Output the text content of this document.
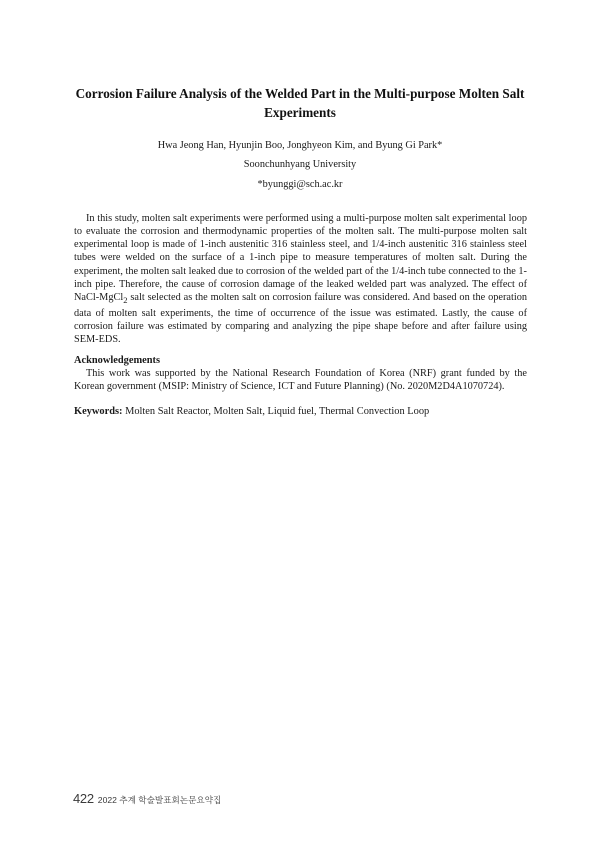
Corrosion Failure Analysis of the Welded Part in the Multi-purpose Molten Salt Experiments
Hwa Jeong Han, Hyunjin Boo, Jonghyeon Kim, and Byung Gi Park*
Soonchunhyang University
*byunggi@sch.ac.kr

In this study, molten salt experiments were performed using a multi-purpose molten salt experimental loop to evaluate the corrosion and thermodynamic properties of the molten salt. The multi-purpose molten salt experimental loop is made of 1-inch austenitic 316 stainless steel, and 1/4-inch austenitic 316 stainless steel tubes were welded on the surface of a 1-inch pipe to measure temperatures of molten salt. During the experiment, the molten salt leaked due to corrosion of the welded part of the 1/4-inch tube connected to the 1-inch pipe. Therefore, the cause of corrosion damage of the leaked welded part was analyzed. The effect of NaCl-MgCl$_2$ salt selected as the molten salt on corrosion failure was considered. And based on the operation data of molten salt experiments, the time of occurrence of the issue was estimated. Lastly, the cause of corrosion failure was estimated by comparing and analyzing the pipe shape before and after failure using SEM-EDS.

Acknowledgements

This work was supported by the National Research Foundation of Korea (NRF) grant funded by the Korean government (MSIP: Ministry of Science, ICT and Future Planning) (No. 2020M2D4A1070724).

Keywords: Molten Salt Reactor, Molten Salt, Liquid fuel, Thermal Convection Loop
422 2022 추계 학술발표회논문요약집
